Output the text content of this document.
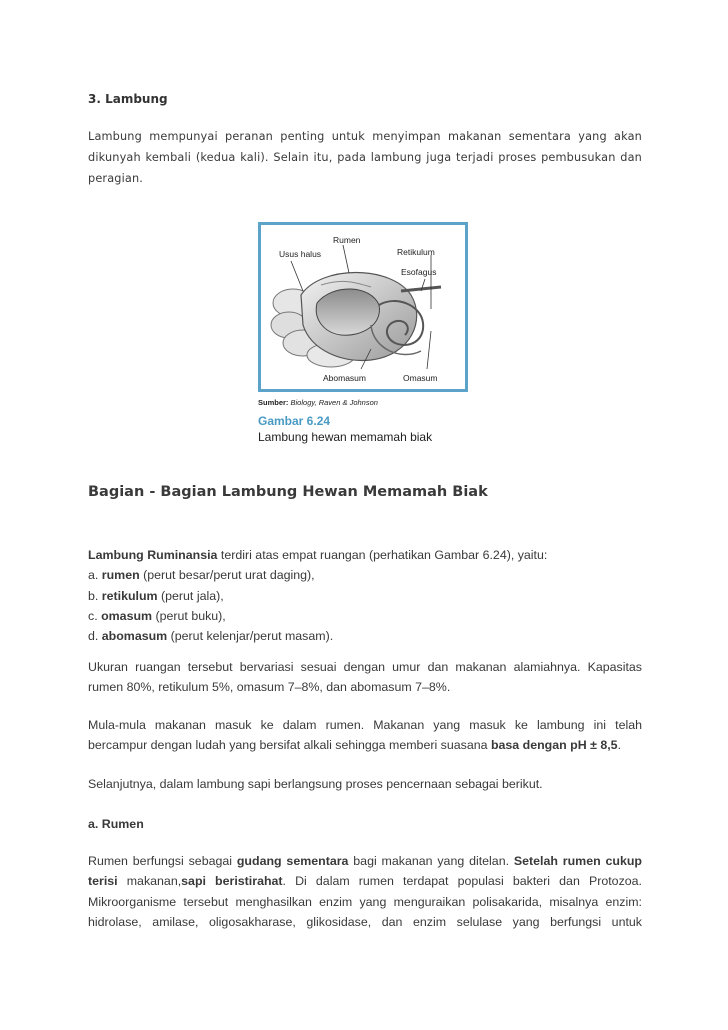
3. Lambung

Lambung mempunyai peranan penting untuk menyimpan makanan sementara yang akan
dikunyah kembali (kedua kali). Selain itu, pada lambung juga terjadi proses pembusukan dan
peragian.

Rumen
Usus halus	Retikulum
Esofagus
Abomasum	Omasum
Sumber: Biology, Raven & Johnson
Gambar 6.24
Lambung hewan memamah biak
Bagian - Bagian Lambung Hewan Memamah Biak
Lambung Ruminansia terdiri atas empat ruangan (perhatikan Gambar 6.24), yaitu:
a. rumen (perut besar/perut urat daging),
b. retikulum (perut jala),
c. omasum (perut buku),
d. abomasum (perut kelenjar/perut masam).

Ukuran ruangan tersebut bervariasi sesuai dengan umur dan makanan alamiahnya. Kapasitas
rumen 80%, retikulum 5%, omasum 7–8%, dan abomasum 7–8%.

Mula-mula makanan masuk ke dalam rumen. Makanan yang masuk ke lambung ini telah
bercampur dengan ludah yang bersifat alkali sehingga memberi suasana basa dengan pH ± 8,5.

Selanjutnya, dalam lambung sapi berlangsung proses pencernaan sebagai berikut.

a. Rumen

Rumen berfungsi sebagai gudang sementara bagi makanan yang ditelan. Setelah rumen cukup
terisi makanan,sapi beristirahat. Di dalam rumen terdapat populasi bakteri dan Protozoa.
Mikroorganisme tersebut menghasilkan enzim yang menguraikan polisakarida, misalnya enzim:
hidrolase, amilase, oligosakharase, glikosidase, dan enzim selulase yang berfungsi untuk
